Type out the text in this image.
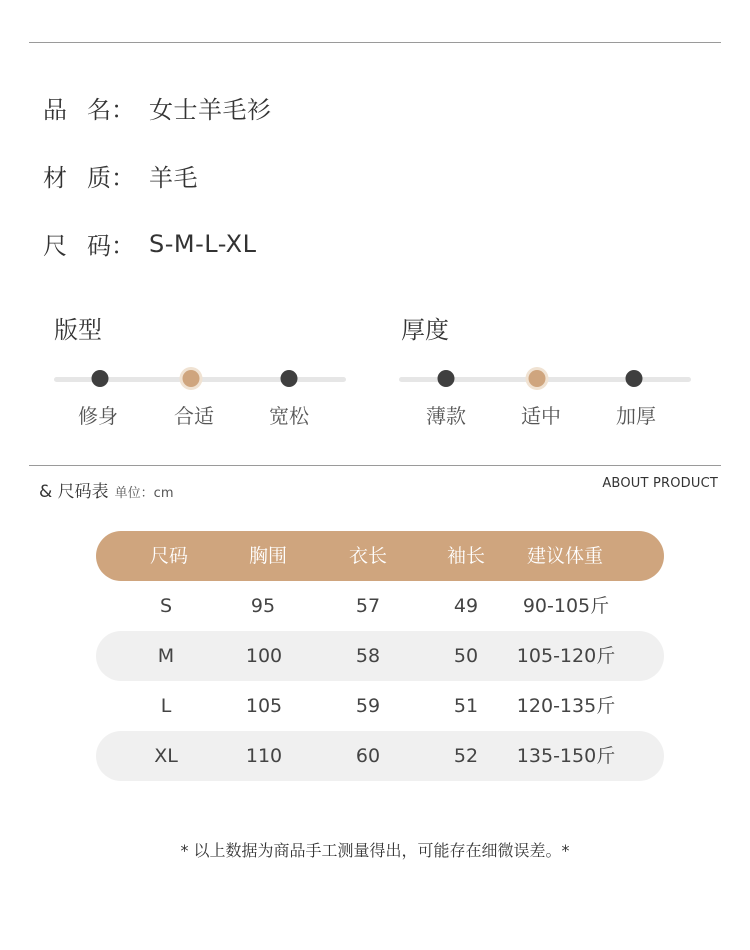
品 名： 女士羊毛衫
材 质： 羊毛
尺 码： S-M-L-XL
版型
修身	合适	宽松
厚度
薄款	适中	加厚
& 尺码表 单位：cm
ABOUT PRODUCT
尺码	胸围	衣长	袖长 建议体重
S	95	57	49 90-105斤
M	100	58	50 105-120斤
L	105	59	51 120-135斤
XL	110	60	52 135-150斤
* 以上数据为商品手工测量得出，可能存在细微误差。*
